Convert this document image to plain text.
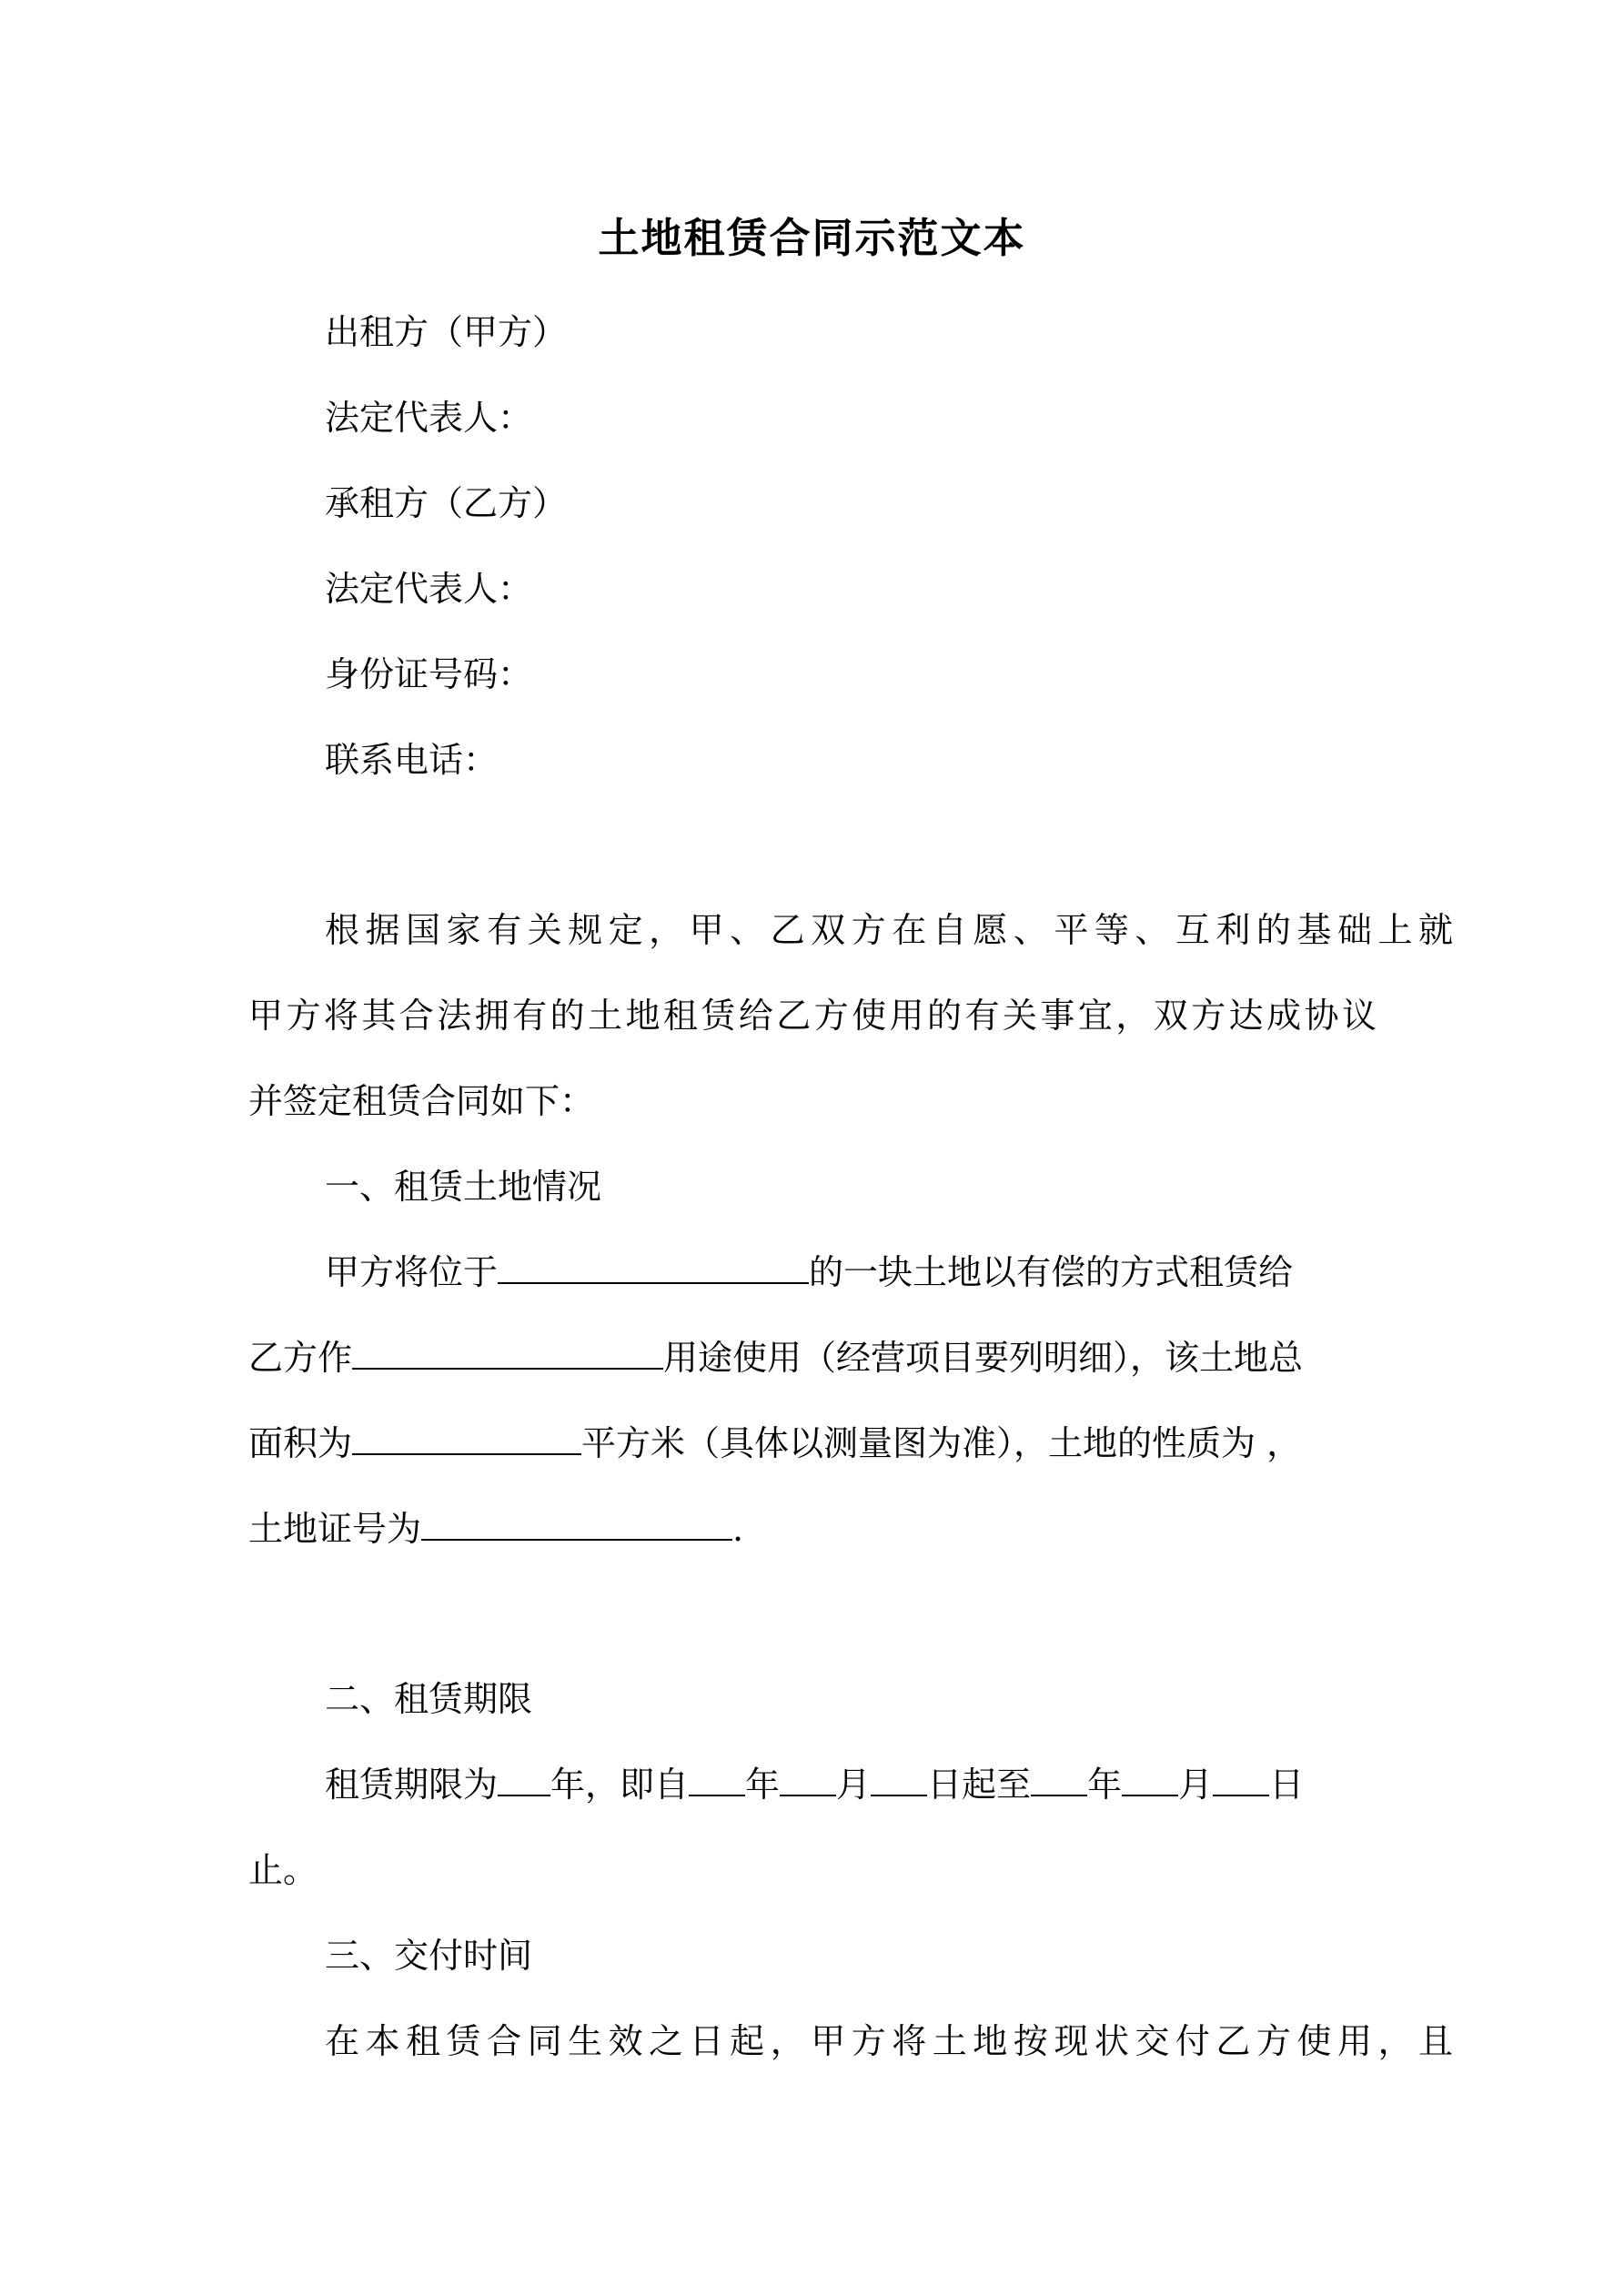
土地租赁合同示范文本
出租方（甲方）
法定代表人：
承租方（乙方）
法定代表人：
身份证号码：
联系电话：
根据国家有关规定，甲、乙双方在自愿、平等、互利的基础上就
甲方将其合法拥有的土地租赁给乙方使用的有关事宜，双方达成协议
并签定租赁合同如下：
一、租赁土地情况
甲方将位于	的一块土地以有偿的方式租赁给
乙方作	用途使用（经营项目要列明细），该土地总
面积为	平方米（具体以测量图为准），土地的性质为 ，
土地证号为	.
二、租赁期限
租赁期限为 年，即自 年 月 日起至 年 月 日
止。
三、交付时间
在本租赁合同生效之日起，甲方将土地按现状交付乙方使用，且
